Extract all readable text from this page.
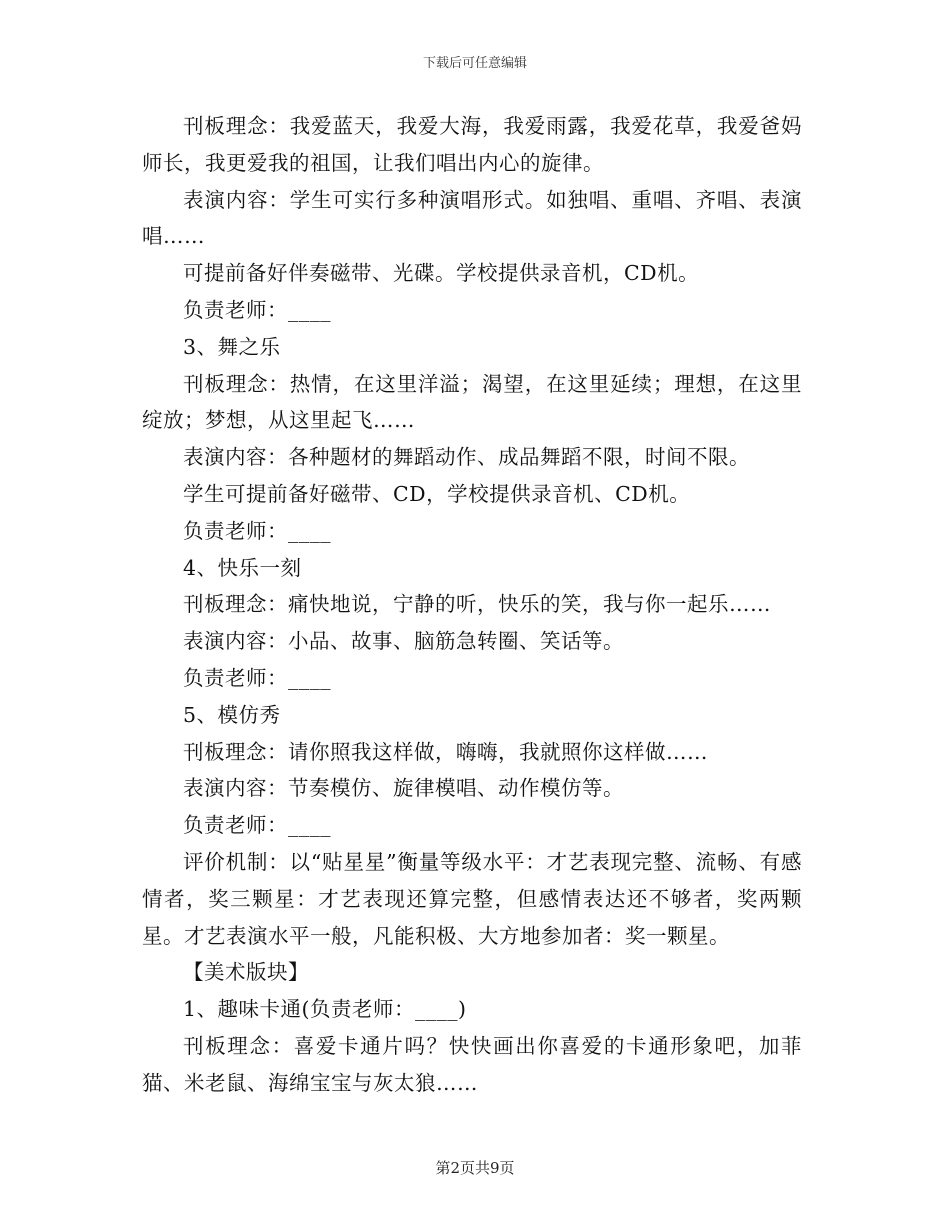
下载后可任意编辑

刊板理念：我爱蓝天，我爱大海，我爱雨露，我爱花草，我爱爸妈师长，我更爱我的祖国，让我们唱出内心的旋律。

表演内容：学生可实行多种演唱形式。如独唱、重唱、齐唱、表演唱……

可提前备好伴奏磁带、光碟。学校提供录音机，CD机。

负责老师：____

3、舞之乐

刊板理念：热情，在这里洋溢；渴望，在这里延续；理想，在这里绽放；梦想，从这里起飞……

表演内容：各种题材的舞蹈动作、成品舞蹈不限，时间不限。

学生可提前备好磁带、CD，学校提供录音机、CD机。

负责老师：____

4、快乐一刻

刊板理念：痛快地说，宁静的听，快乐的笑，我与你一起乐……

表演内容：小品、故事、脑筋急转圈、笑话等。

负责老师：____

5、模仿秀

刊板理念：请你照我这样做，嗨嗨，我就照你这样做……

表演内容：节奏模仿、旋律模唱、动作模仿等。

负责老师：____

评价机制：以“贴星星”衡量等级水平：才艺表现完整、流畅、有感情者，奖三颗星：才艺表现还算完整，但感情表达还不够者，奖两颗星。才艺表演水平一般，凡能积极、大方地参加者：奖一颗星。

【美术版块】

1、趣味卡通(负责老师：____)

刊板理念：喜爱卡通片吗？快快画出你喜爱的卡通形象吧，加菲猫、米老鼠、海绵宝宝与灰太狼……

第2页共9页
